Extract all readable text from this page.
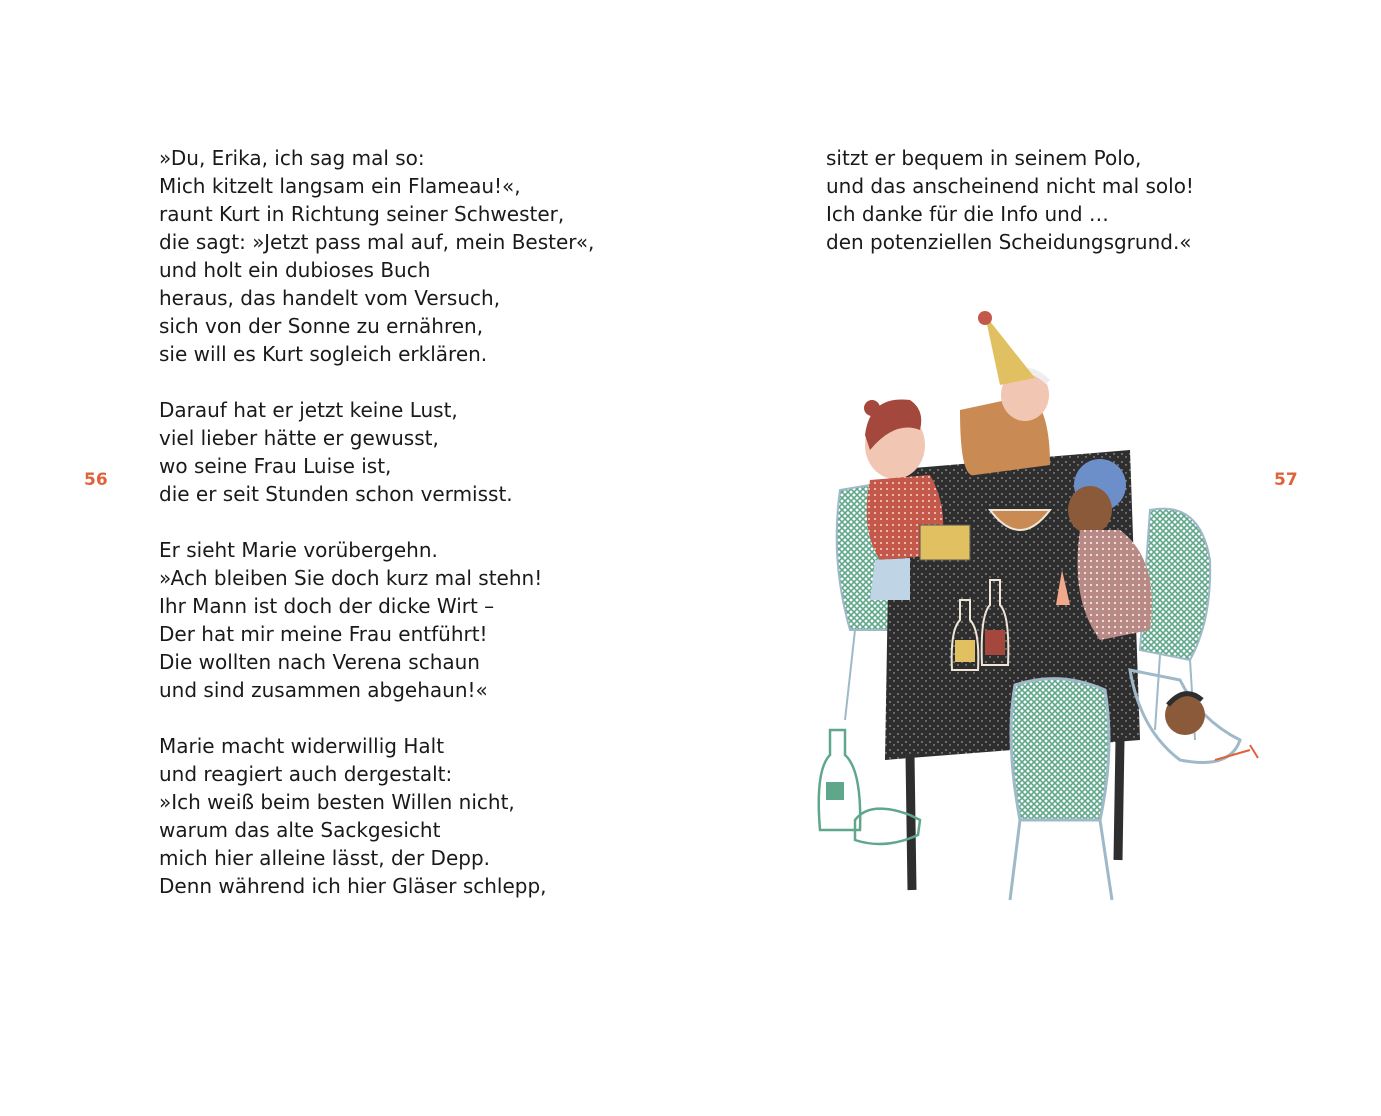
56	57
»Du, Erika, ich sag mal so:
Mich kitzelt langsam ein Flameau!«,
raunt Kurt in Richtung seiner Schwester,
die sagt: »Jetzt pass mal auf, mein Bester«,
und holt ein dubioses Buch
heraus, das handelt vom Versuch,
sich von der Sonne zu ernähren,
sie will es Kurt sogleich erklären.
Darauf hat er jetzt keine Lust,
viel lieber hätte er gewusst,
wo seine Frau Luise ist,
die er seit Stunden schon vermisst.
Er sieht Marie vorübergehn.
»Ach bleiben Sie doch kurz mal stehn!
Ihr Mann ist doch der dicke Wirt –
Der hat mir meine Frau entführt!
Die wollten nach Verena schaun
und sind zusammen abgehaun!«
Marie macht widerwillig Halt
und reagiert auch dergestalt:
»Ich weiß beim besten Willen nicht,
warum das alte Sackgesicht
mich hier alleine lässt, der Depp.
Denn während ich hier Gläser schlepp,
sitzt er bequem in seinem Polo,
und das anscheinend nicht mal solo!
Ich danke für die Info und …
den potenziellen Scheidungsgrund.«
